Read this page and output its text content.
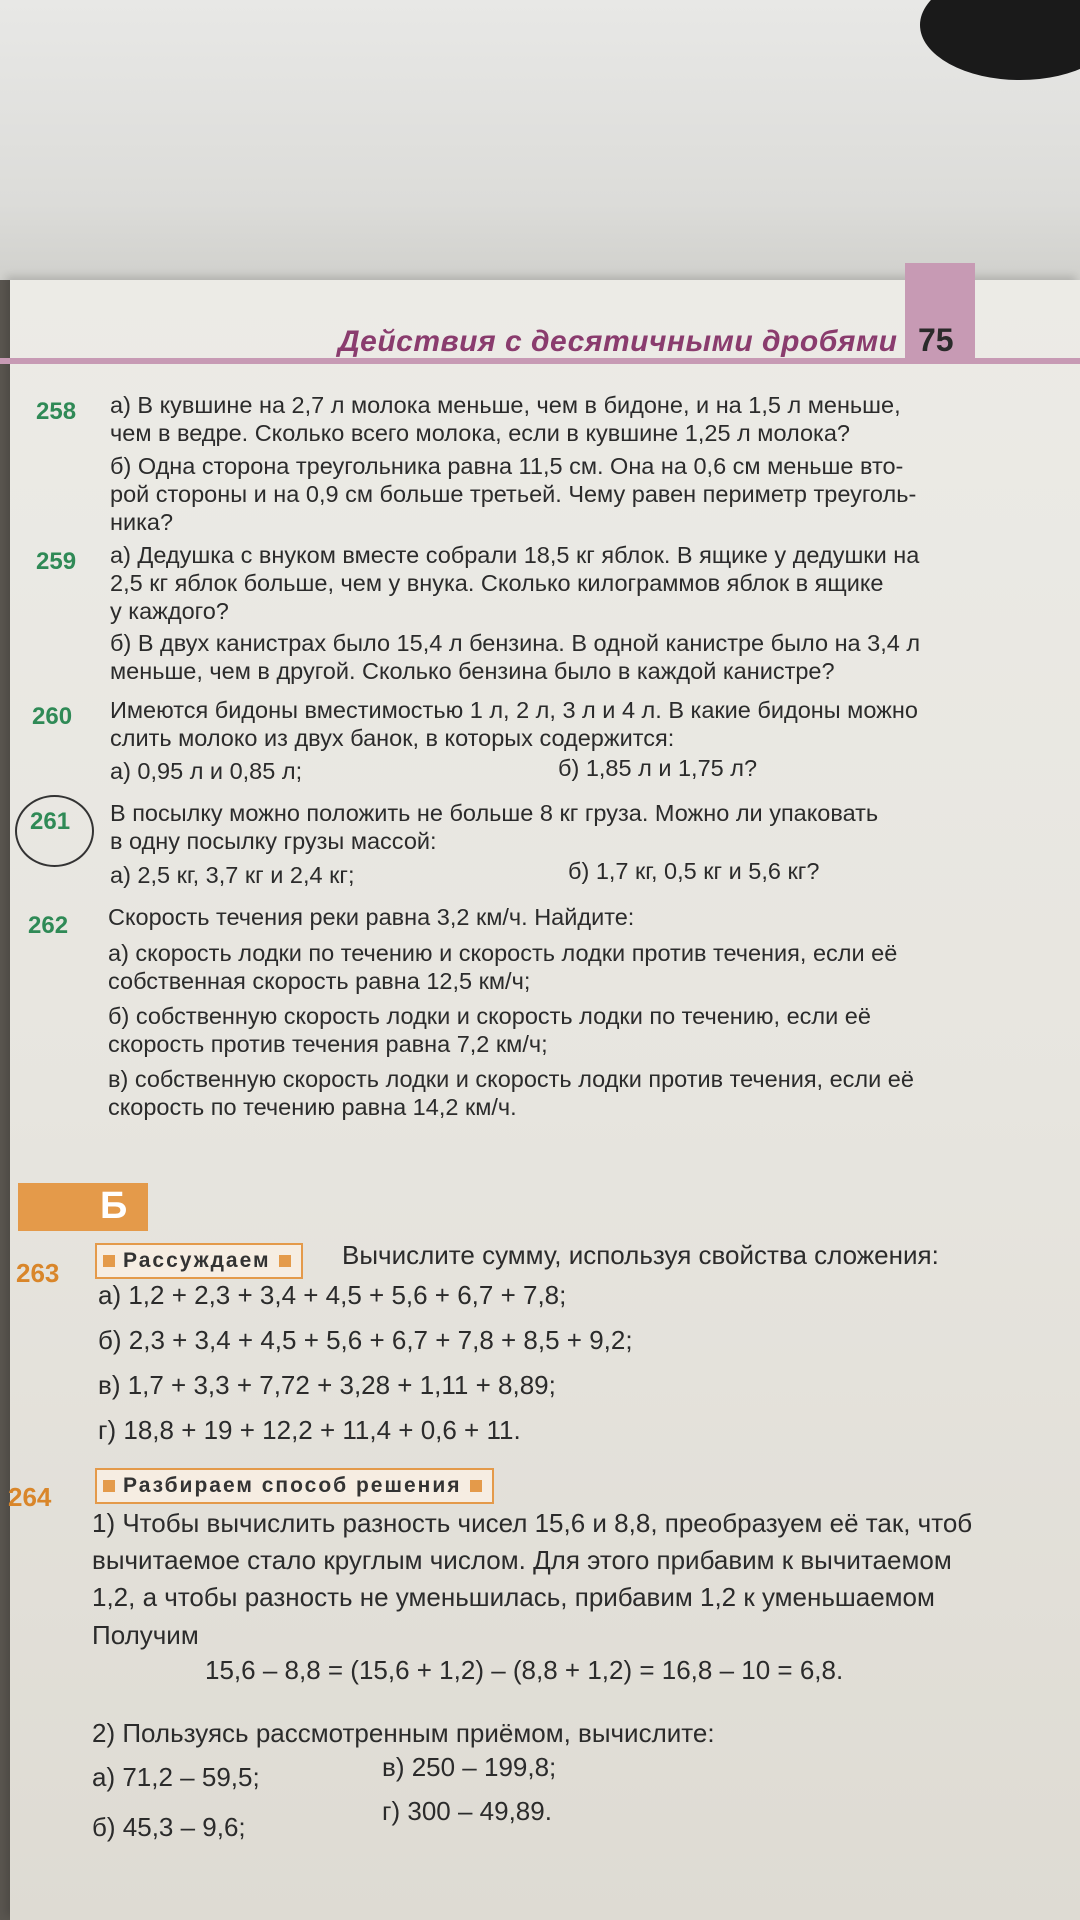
Действия с десятичными дробями 75
258 а) В кувшине на 2,7 л молока меньше, чем в бидоне, и на 1,5 л меньше,
чем в ведре. Сколько всего молока, если в кувшине 1,25 л молока?
б) Одна сторона треугольника равна 11,5 см. Она на 0,6 см меньше вто-
рой стороны и на 0,9 см больше третьей. Чему равен периметр треуголь-
ника?
259 а) Дедушка с внуком вместе собрали 18,5 кг яблок. В ящике у дедушки на
2,5 кг яблок больше, чем у внука. Сколько килограммов яблок в ящике
у каждого?
б) В двух канистрах было 15,4 л бензина. В одной канистре было на 3,4 л
меньше, чем в другой. Сколько бензина было в каждой канистре?
260 Имеются бидоны вместимостью 1 л, 2 л, 3 л и 4 л. В какие бидоны можно
слить молоко из двух банок, в которых содержится:
а) 0,95 л и 0,85 л;	б) 1,85 л и 1,75 л?
261 В посылку можно положить не больше 8 кг груза. Можно ли упаковать
в одну посылку грузы массой:
а) 2,5 кг, 3,7 кг и 2,4 кг;	б) 1,7 кг, 0,5 кг и 5,6 кг?
262 Скорость течения реки равна 3,2 км/ч. Найдите:
а) скорость лодки по течению и скорость лодки против течения, если её
собственная скорость равна 12,5 км/ч;
б) собственную скорость лодки и скорость лодки по течению, если её
скорость против течения равна 7,2 км/ч;
в) собственную скорость лодки и скорость лодки против течения, если её
скорость по течению равна 14,2 км/ч.
Б
263	Рассуждаем	Вычислите сумму, используя свойства сложения:
а) 1,2 + 2,3 + 3,4 + 4,5 + 5,6 + 6,7 + 7,8;
б) 2,3 + 3,4 + 4,5 + 5,6 + 6,7 + 7,8 + 8,5 + 9,2;
в) 1,7 + 3,3 + 7,72 + 3,28 + 1,11 + 8,89;
г) 18,8 + 19 + 12,2 + 11,4 + 0,6 + 11.
264	Разбираем способ решения
1) Чтобы вычислить разность чисел 15,6 и 8,8, преобразуем её так, чтоб
вычитаемое стало круглым числом. Для этого прибавим к вычитаемом
1,2, а чтобы разность не уменьшилась, прибавим 1,2 к уменьшаемом
Получим
15,6 – 8,8 = (15,6 + 1,2) – (8,8 + 1,2) = 16,8 – 10 = 6,8.
2) Пользуясь рассмотренным приёмом, вычислите:
а) 71,2 – 59,5;	в) 250 – 199,8;
б) 45,3 – 9,6;
г) 300 – 49,89.
